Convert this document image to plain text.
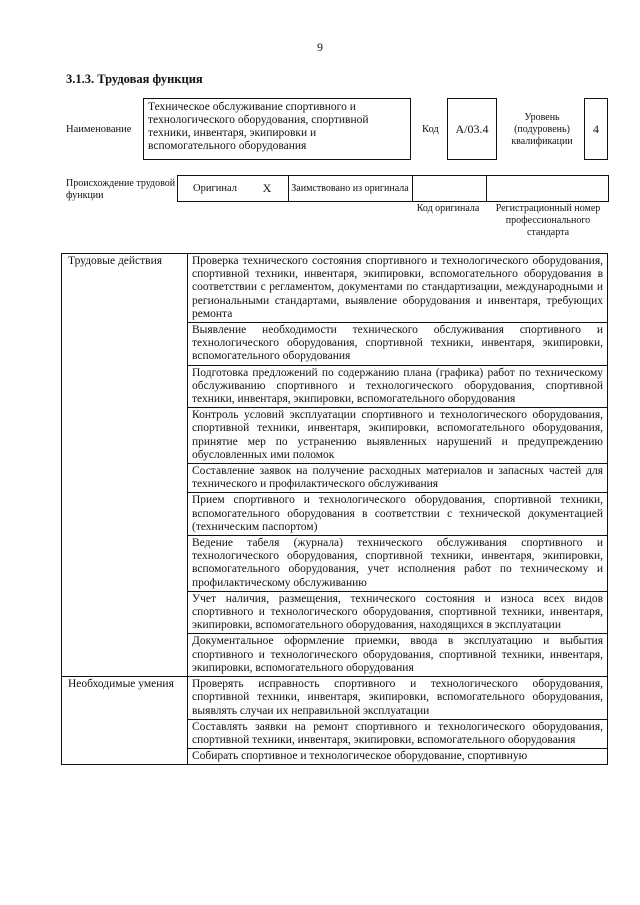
9
3.1.3. Трудовая функция
Наименование
Техническое обслуживание спортивного и технологического оборудования, спортивной техники, инвентаря, экипировки и вспомогательного оборудования
Код	A/03.4
Уровень (подуровень) квалификации
4
Происхождение трудовой функции
Оригинал	X	Заимствовано из оригинала
Код оригинала	Регистрационный номер профессионального стандарта
Трудовые действия	Проверка технического состояния спортивного и технологического оборудования, спортивной техники, инвентаря, экипировки, вспомогательного оборудования в соответствии с регламентом, документами по стандартизации, международными и региональными стандартами, выявление оборудования и инвентаря, требующих ремонта
	Выявление необходимости технического обслуживания спортивного и технологического оборудования, спортивной техники, инвентаря, экипировки, вспомогательного оборудования
	Подготовка предложений по содержанию плана (графика) работ по техническому обслуживанию спортивного и технологического оборудования, спортивной техники, инвентаря, экипировки, вспомогательного оборудования
	Контроль условий эксплуатации спортивного и технологического оборудования, спортивной техники, инвентаря, экипировки, вспомогательного оборудования, принятие мер по устранению выявленных нарушений и предупреждению обусловленных ими поломок
	Составление заявок на получение расходных материалов и запасных частей для технического и профилактического обслуживания
	Прием спортивного и технологического оборудования, спортивной техники, вспомогательного оборудования в соответствии с технической документацией (техническим паспортом)
	Ведение табеля (журнала) технического обслуживания спортивного и технологического оборудования, спортивной техники, инвентаря, экипировки, вспомогательного оборудования, учет исполнения работ по техническому и профилактическому обслуживанию
	Учет наличия, размещения, технического состояния и износа всех видов спортивного и технологического оборудования, спортивной техники, инвентаря, экипировки, вспомогательного оборудования, находящихся в эксплуатации
	Документальное оформление приемки, ввода в эксплуатацию и выбытия спортивного и технологического оборудования, спортивной техники, инвентаря, экипировки, вспомогательного оборудования
Необходимые умения	Проверять исправность спортивного и технологического оборудования, спортивной техники, инвентаря, экипировки, вспомогательного оборудования, выявлять случаи их неправильной эксплуатации
	Составлять заявки на ремонт спортивного и технологического оборудования, спортивной техники, инвентаря, экипировки, вспомогательного оборудования
	Собирать спортивное и технологическое оборудование, спортивную
